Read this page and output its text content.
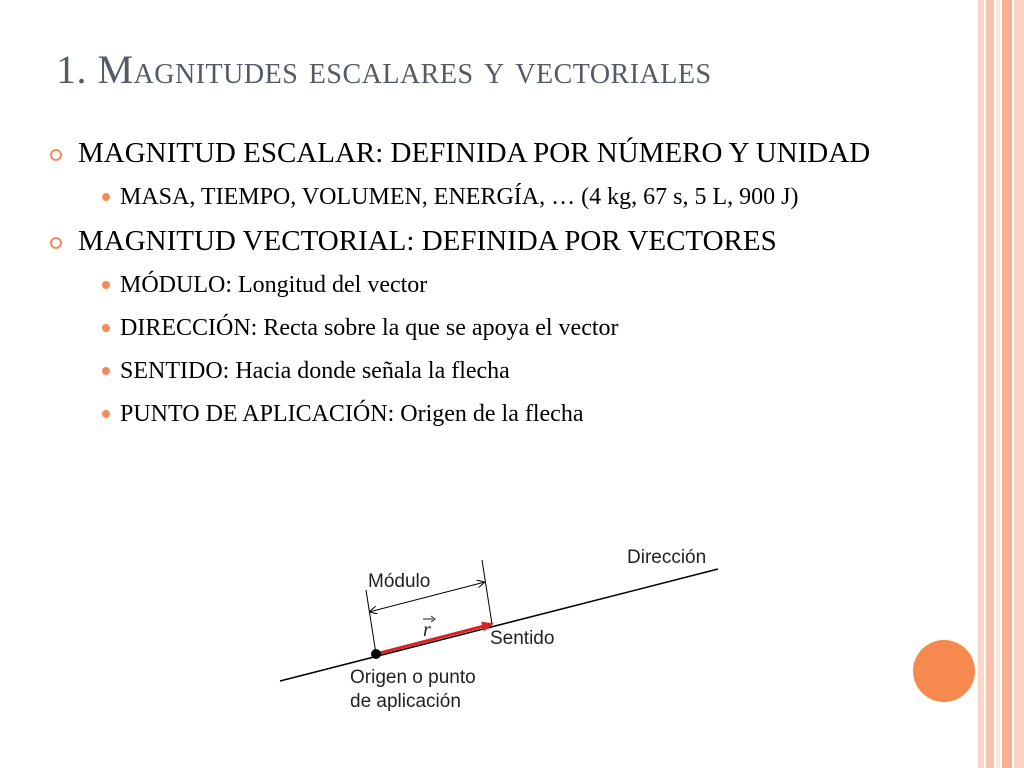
1. Magnitudes escalares y vectoriales
MAGNITUD ESCALAR: DEFINIDA POR NÚMERO Y UNIDAD
MASA, TIEMPO, VOLUMEN, ENERGÍA, … (4 kg, 67 s, 5 L, 900 J)
MAGNITUD VECTORIAL: DEFINIDA POR VECTORES
MÓDULO: Longitud del vector
DIRECCIÓN: Recta sobre la que se apoya el vector
SENTIDO: Hacia donde señala la flecha
PUNTO DE APLICACIÓN: Origen de la flecha
Dirección
Módulo
r	Sentido
Origen o punto
de aplicación
